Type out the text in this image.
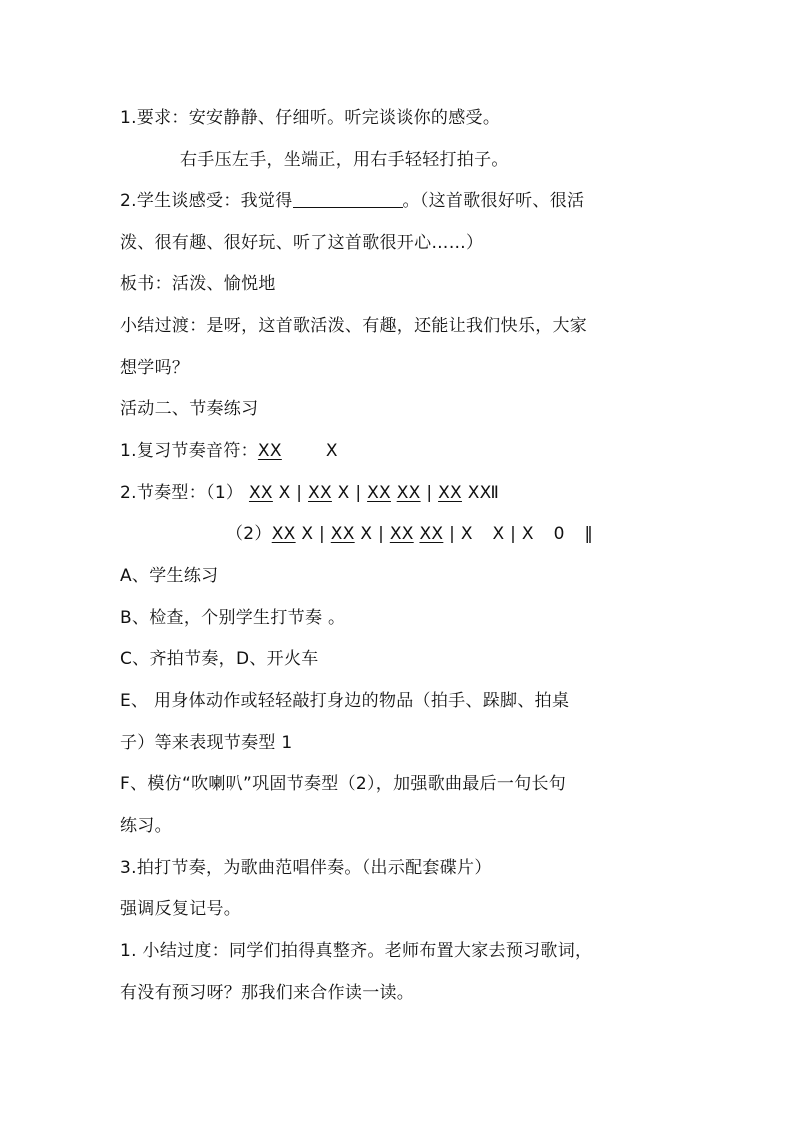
1.要求：安安静静、仔细听。听完谈谈你的感受。
右手压左手，坐端正，用右手轻轻打拍子。
2.学生谈感受：我觉得	。（这首歌很好听、很活
泼、很有趣、很好玩、听了这首歌很开心……）
板书：活泼、愉悦地
小结过渡：是呀，这首歌活泼、有趣，还能让我们快乐，大家
想学吗？
活动二、节奏练习
1.复习节奏音符：XX	X
2.节奏型：（1） XX X | XX X | XX XX | XX XⅫ
（2）XX X | XX X | XX XX | X X | X 0 ‖
A、学生练习
B、检查，个别学生打节奏 。
C、齐拍节奏，D、开火车
E、 用身体动作或轻轻敲打身边的物品（拍手、跺脚、拍桌
子）等来表现节奏型 1
F、模仿“吹喇叭”巩固节奏型（2），加强歌曲最后一句长句
练习。
3.拍打节奏，为歌曲范唱伴奏。（出示配套碟片）
强调反复记号。
1. 小结过度：同学们拍得真整齐。老师布置大家去预习歌词，
有没有预习呀？那我们来合作读一读。
